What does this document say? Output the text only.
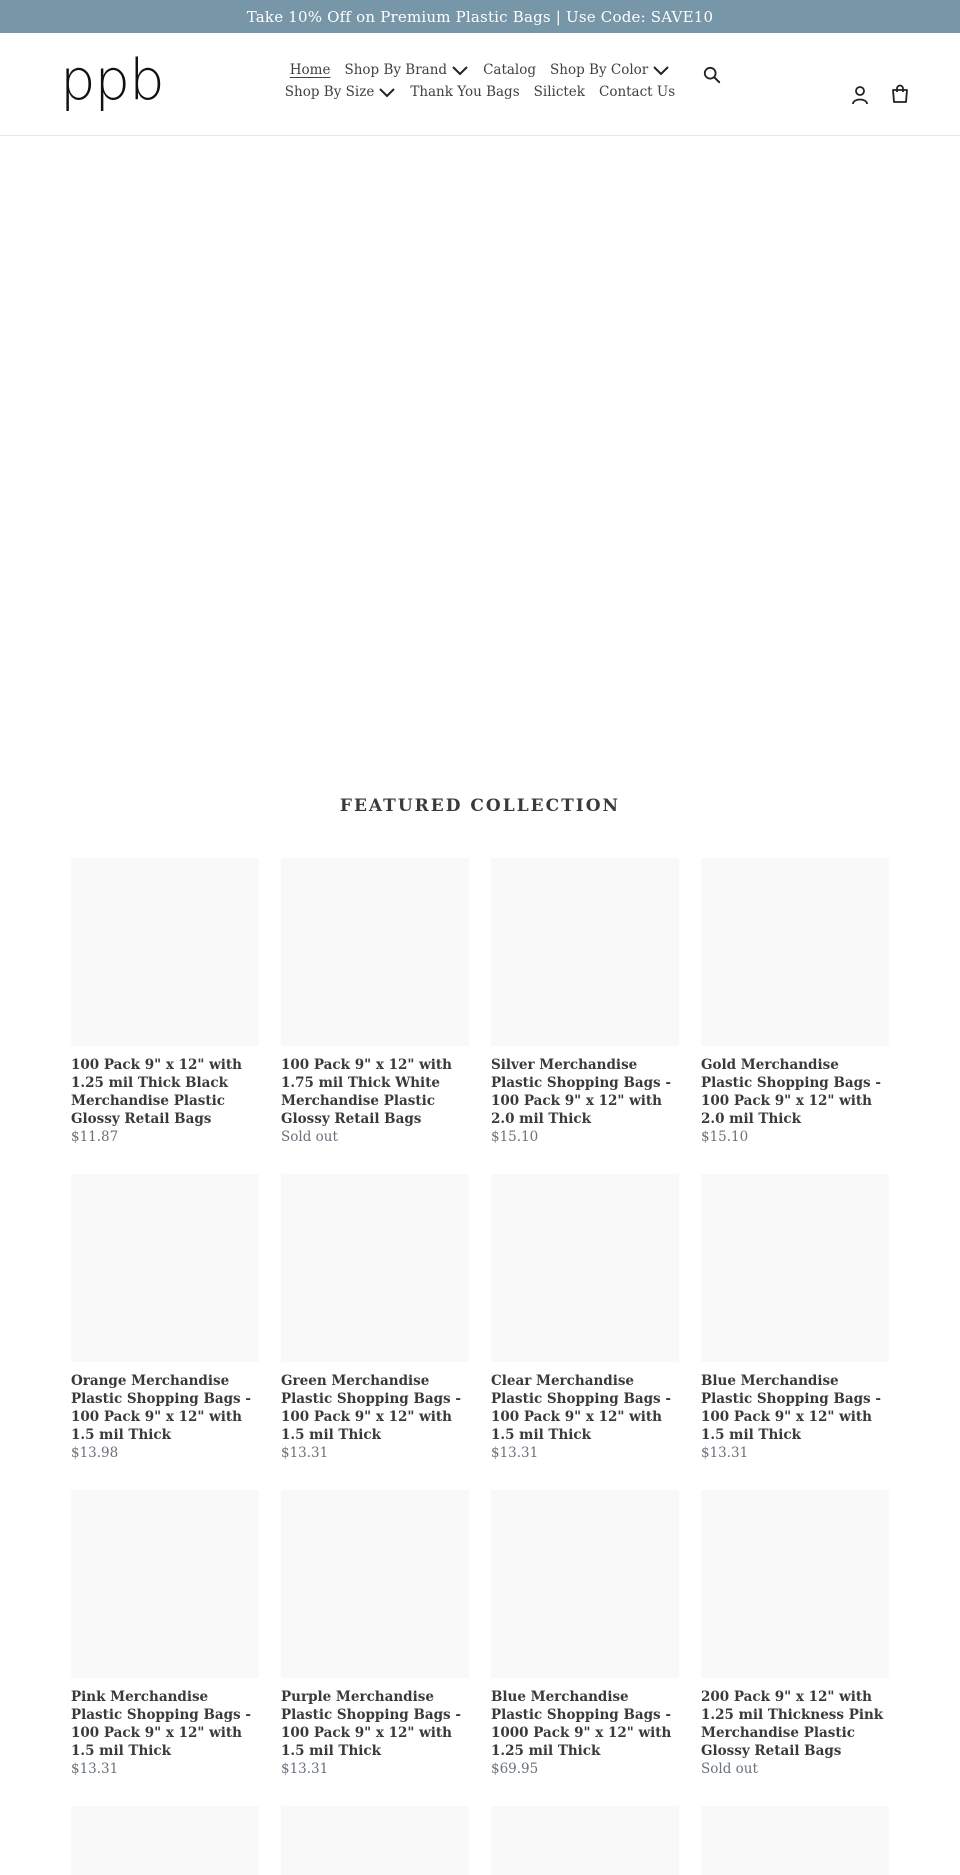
Take 10% Off on Premium Plastic Bags | Use Code: SAVE10
ppb	Home Shop By Brand	Catalog Shop By Color
Shop By Size	Thank You Bags Silictek Contact Us
FEATURED COLLECTION
100 Pack 9" x 12" with 1.25 mil Thick Black Merchandise Plastic Glossy Retail Bags
$11.87
100 Pack 9" x 12" with 1.75 mil Thick White Merchandise Plastic Glossy Retail Bags
Sold out
Silver Merchandise Plastic Shopping Bags - 100 Pack 9" x 12" with 2.0 mil Thick
$15.10
Gold Merchandise Plastic Shopping Bags - 100 Pack 9" x 12" with 2.0 mil Thick
$15.10
Orange Merchandise Plastic Shopping Bags - 100 Pack 9" x 12" with 1.5 mil Thick
$13.98
Green Merchandise Plastic Shopping Bags - 100 Pack 9" x 12" with 1.5 mil Thick
$13.31
Clear Merchandise Plastic Shopping Bags - 100 Pack 9" x 12" with 1.5 mil Thick
$13.31
Blue Merchandise Plastic Shopping Bags - 100 Pack 9" x 12" with 1.5 mil Thick
$13.31
Pink Merchandise Plastic Shopping Bags - 100 Pack 9" x 12" with 1.5 mil Thick
$13.31
Purple Merchandise Plastic Shopping Bags - 100 Pack 9" x 12" with 1.5 mil Thick
$13.31
Blue Merchandise Plastic Shopping Bags - 1000 Pack 9" x 12" with 1.25 mil Thick
$69.95
200 Pack 9" x 12" with 1.25 mil Thickness Pink Merchandise Plastic Glossy Retail Bags
Sold out
